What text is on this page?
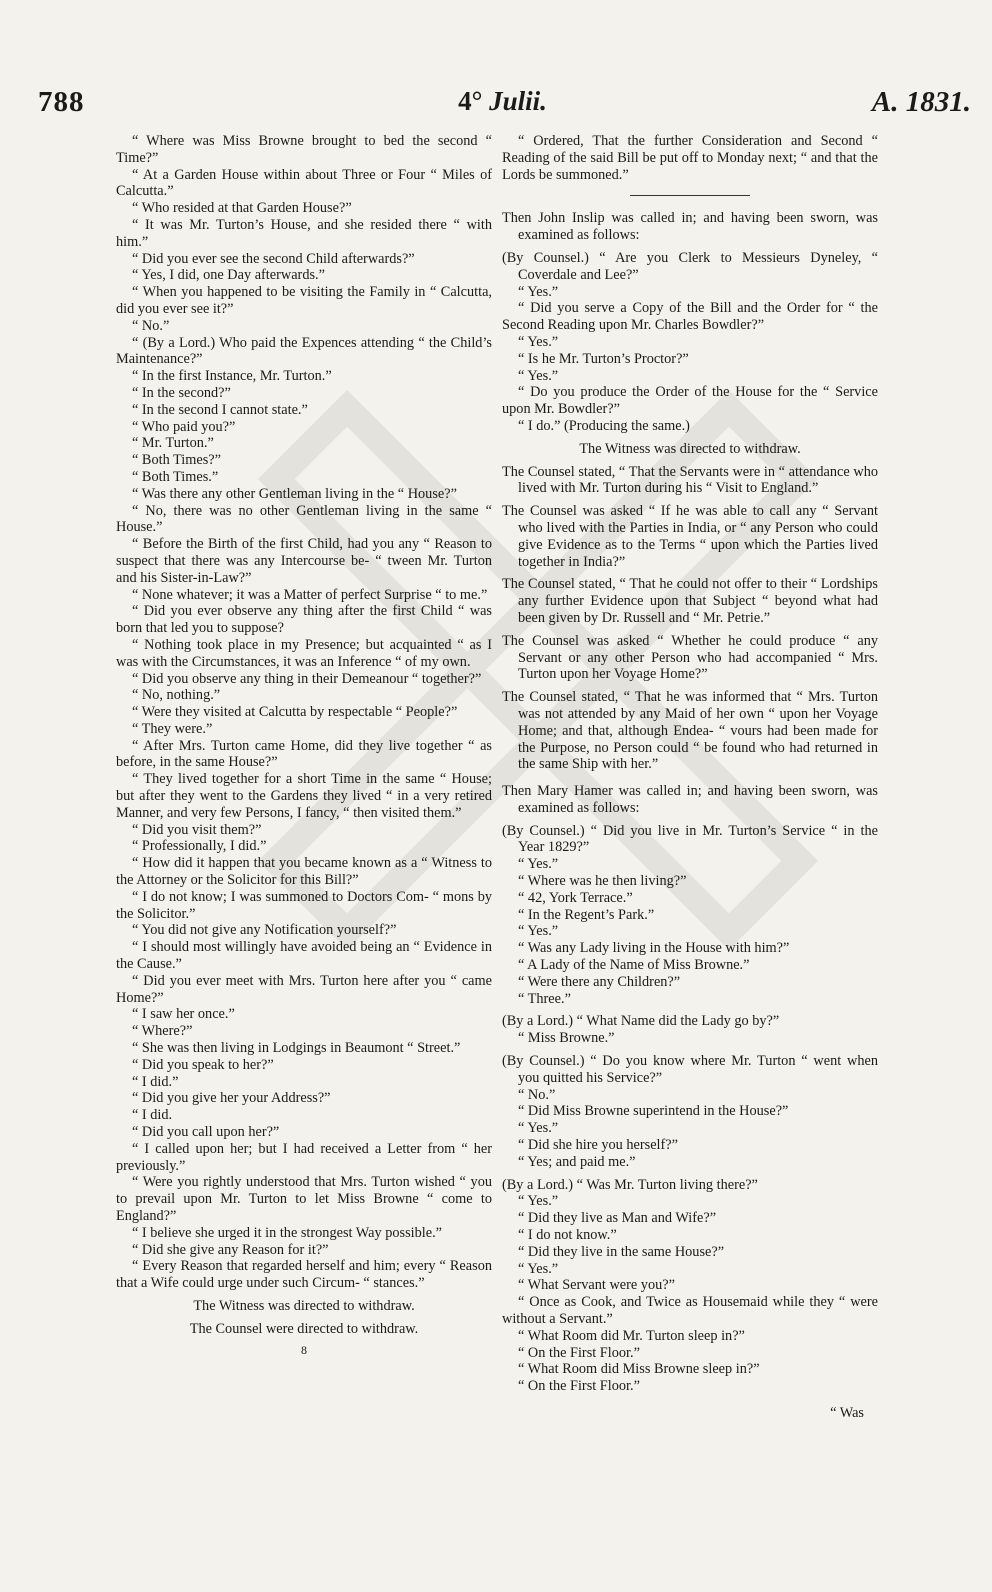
788	4° Julii.	A. 1831.

“ Where was Miss Browne brought to bed the second “ Time?”

“ At a Garden House within about Three or Four “ Miles of Calcutta.”

“ Who resided at that Garden House?”

“ It was Mr. Turton’s House, and she resided there “ with him.”

“ Did you ever see the second Child afterwards?”

“ Yes, I did, one Day afterwards.”

“ When you happened to be visiting the Family in “ Calcutta, did you ever see it?”

“ No.”

“ (By a Lord.) Who paid the Expences attending “ the Child’s Maintenance?”

“ In the first Instance, Mr. Turton.”

“ In the second?”

“ In the second I cannot state.”

“ Who paid you?”

“ Mr. Turton.”

“ Both Times?”

“ Both Times.”

“ Was there any other Gentleman living in the “ House?”

“ No, there was no other Gentleman living in the same “ House.”

“ Before the Birth of the first Child, had you any “ Reason to suspect that there was any Intercourse be- “ tween Mr. Turton and his Sister-in-Law?”

“ None whatever; it was a Matter of perfect Surprise “ to me.”

“ Did you ever observe any thing after the first Child “ was born that led you to suppose?

“ Nothing took place in my Presence; but acquainted “ as I was with the Circumstances, it was an Inference “ of my own.

“ Did you observe any thing in their Demeanour “ together?”

“ No, nothing.”

“ Were they visited at Calcutta by respectable “ People?”

“ They were.”

“ After Mrs. Turton came Home, did they live together “ as before, in the same House?”

“ They lived together for a short Time in the same “ House; but after they went to the Gardens they lived “ in a very retired Manner, and very few Persons, I fancy, “ then visited them.”

“ Did you visit them?”

“ Professionally, I did.”

“ How did it happen that you became known as a “ Witness to the Attorney or the Solicitor for this Bill?”

“ I do not know; I was summoned to Doctors Com- “ mons by the Solicitor.”

“ You did not give any Notification yourself?”

“ I should most willingly have avoided being an “ Evidence in the Cause.”

“ Did you ever meet with Mrs. Turton here after you “ came Home?”

“ I saw her once.”

“ Where?”

“ She was then living in Lodgings in Beaumont “ Street.”

“ Did you speak to her?”

“ I did.”

“ Did you give her your Address?”

“ I did.

“ Did you call upon her?”

“ I called upon her; but I had received a Letter from “ her previously.”

“ Were you rightly understood that Mrs. Turton wished “ you to prevail upon Mr. Turton to let Miss Browne “ come to England?”

“ I believe she urged it in the strongest Way possible.”

“ Did she give any Reason for it?”

“ Every Reason that regarded herself and him; every “ Reason that a Wife could urge under such Circum- “ stances.”

The Witness was directed to withdraw.

The Counsel were directed to withdraw.

8

“ Ordered, That the further Consideration and Second “ Reading of the said Bill be put off to Monday next; “ and that the Lords be summoned.”

Then John Inslip was called in; and having been sworn, was examined as follows:

(By Counsel.) “ Are you Clerk to Messieurs Dyneley, “ Coverdale and Lee?”

“ Yes.”

“ Did you serve a Copy of the Bill and the Order for “ the Second Reading upon Mr. Charles Bowdler?”

“ Yes.”

“ Is he Mr. Turton’s Proctor?”

“ Yes.”

“ Do you produce the Order of the House for the “ Service upon Mr. Bowdler?”

“ I do.” (Producing the same.)

The Witness was directed to withdraw.

The Counsel stated, “ That the Servants were in “ attendance who lived with Mr. Turton during his “ Visit to England.”

The Counsel was asked “ If he was able to call any “ Servant who lived with the Parties in India, or “ any Person who could give Evidence as to the Terms “ upon which the Parties lived together in India?”

The Counsel stated, “ That he could not offer to their “ Lordships any further Evidence upon that Subject “ beyond what had been given by Dr. Russell and “ Mr. Petrie.”

The Counsel was asked “ Whether he could produce “ any Servant or any other Person who had accompanied “ Mrs. Turton upon her Voyage Home?”

The Counsel stated, “ That he was informed that “ Mrs. Turton was not attended by any Maid of her own “ upon her Voyage Home; and that, although Endea- “ vours had been made for the Purpose, no Person could “ be found who had returned in the same Ship with her.”

Then Mary Hamer was called in; and having been sworn, was examined as follows:

(By Counsel.) “ Did you live in Mr. Turton’s Service “ in the Year 1829?”

“ Yes.”

“ Where was he then living?”

“ 42, York Terrace.”

“ In the Regent’s Park.”

“ Yes.”

“ Was any Lady living in the House with him?”

“ A Lady of the Name of Miss Browne.”

“ Were there any Children?”

“ Three.”

(By a Lord.) “ What Name did the Lady go by?”

“ Miss Browne.”

(By Counsel.) “ Do you know where Mr. Turton “ went when you quitted his Service?”

“ No.”

“ Did Miss Browne superintend in the House?”

“ Yes.”

“ Did she hire you herself?”

“ Yes; and paid me.”

(By a Lord.) “ Was Mr. Turton living there?”

“ Yes.”

“ Did they live as Man and Wife?”

“ I do not know.”

“ Did they live in the same House?”

“ Yes.”

“ What Servant were you?”

“ Once as Cook, and Twice as Housemaid while they “ were without a Servant.”

“ What Room did Mr. Turton sleep in?”

“ On the First Floor.”

“ What Room did Miss Browne sleep in?”

“ On the First Floor.”

“ Was
